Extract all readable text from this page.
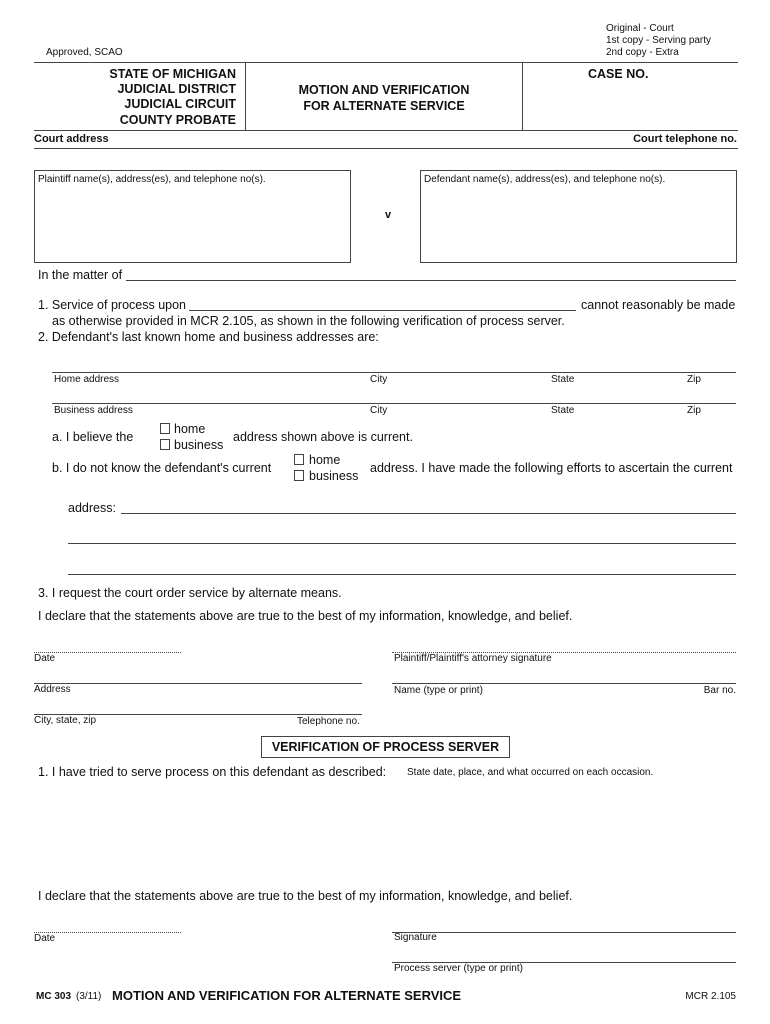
Original - Court
1st copy - Serving party
2nd copy - Extra
Approved, SCAO
STATE OF MICHIGAN
JUDICIAL DISTRICT
JUDICIAL CIRCUIT
COUNTY PROBATE
MOTION AND VERIFICATION
FOR ALTERNATE SERVICE
CASE NO.
Court address	Court telephone no.
Plaintiff name(s), address(es), and telephone no(s).
v
Defendant name(s), address(es), and telephone no(s).
In the matter of
1. Service of process upon	cannot reasonably be made
as otherwise provided in MCR 2.105, as shown in the following verification of process server.
2. Defendant's last known home and business addresses are:
Home address	City	State	Zip
Business address	City	State	Zip
a. I believe the
home
business
address shown above is current.
b. I do not know the defendant's current
home
business
address. I have made the following efforts to ascertain the current
address:
3. I request the court order service by alternate means.
I declare that the statements above are true to the best of my information, knowledge, and belief.
Date	Plaintiff/Plaintiff's attorney signature
Address	Name (type or print)	Bar no.
City, state, zip	Telephone no.
VERIFICATION OF PROCESS SERVER
1. I have tried to serve process on this defendant as described: State date, place, and what occurred on each occasion.
I declare that the statements above are true to the best of my information, knowledge, and belief.
Date	Signature
Process server (type or print)
MC 303 (3/11) MOTION AND VERIFICATION FOR ALTERNATE SERVICE	MCR 2.105
